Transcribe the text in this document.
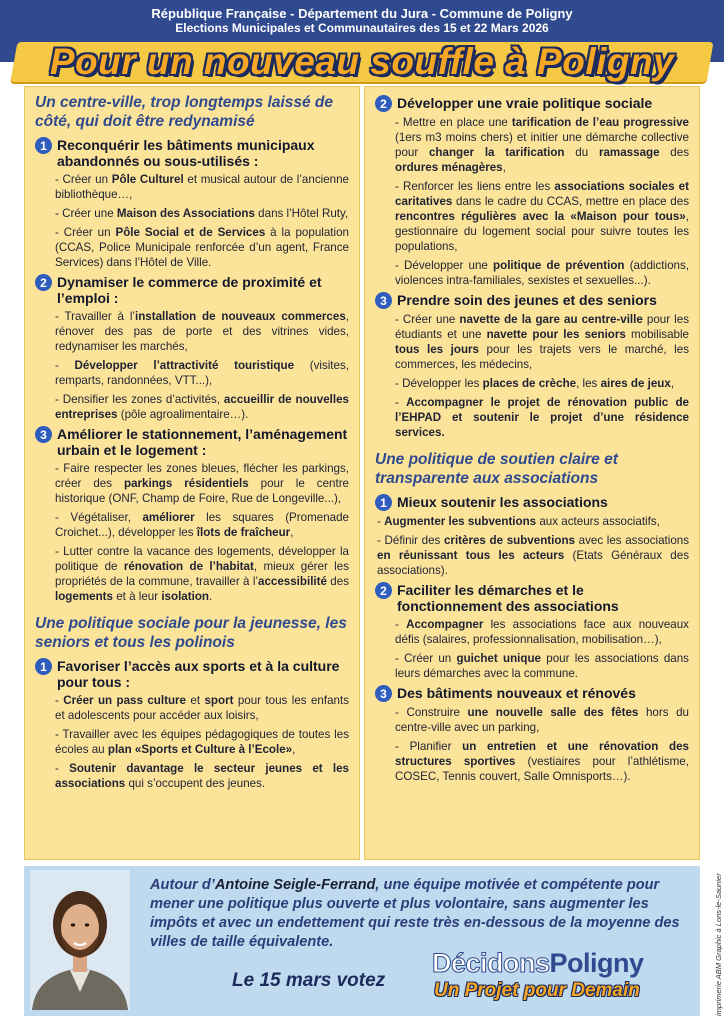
République Française - Département du Jura - Commune de Poligny
Elections Municipales et Communautaires des 15 et 22 Mars 2026
Pour un nouveau souffle à Poligny
Un centre-ville, trop longtemps laissé de côté, qui doit être redynamisé
1 Reconquérir les bâtiments municipaux abandonnés ou sous-utilisés :

- Créer un Pôle Culturel et musical autour de l’ancienne bibliothèque…,

- Créer une Maison des Associations dans l’Hôtel Ruty,

- Créer un Pôle Social et de Services à la population (CCAS, Police Municipale renforcée d’un agent, France Services) dans l’Hôtel de Ville.

2 Dynamiser le commerce de proximité et l’emploi :

- Travailler à l’installation de nouveaux commerces, rénover des pas de porte et des vitrines vides, redynamiser les marchés,

- Développer l’attractivité touristique (visites, remparts, randonnées, VTT...),

- Densifier les zones d’activités, accueillir de nouvelles entreprises (pôle agroalimentaire…).

3 Améliorer le stationnement, l’aménagement urbain et le logement :

- Faire respecter les zones bleues, flécher les parkings, créer des parkings résidentiels pour le centre historique (ONF, Champ de Foire, Rue de Longeville...),

- Végétaliser, améliorer les squares (Promenade Croichet...), développer les îlots de fraîcheur,

- Lutter contre la vacance des logements, développer la politique de rénovation de l’habitat, mieux gérer les propriétés de la commune, travailler à l’accessibilité des logements et à leur isolation.

Une politique sociale pour la jeunesse, les seniors et tous les polinois
1 Favoriser l’accès aux sports et à la culture pour tous :

- Créer un pass culture et sport pour tous les enfants et adolescents pour accéder aux loisirs,

- Travailler avec les équipes pédagogiques de toutes les écoles au plan «Sports et Culture à l’Ecole»,

- Soutenir davantage le secteur jeunes et les associations qui s’occupent des jeunes.

2 Développer une vraie politique sociale

- Mettre en place une tarification de l’eau progressive (1ers m3 moins chers) et initier une démarche collective pour changer la tarification du ramassage des ordures ménagères,

- Renforcer les liens entre les associations sociales et caritatives dans le cadre du CCAS, mettre en place des rencontres régulières avec la «Maison pour tous», gestionnaire du logement social pour suivre toutes les populations,

- Développer une politique de prévention (addictions, violences intra-familiales, sexistes et sexuelles...).

3 Prendre soin des jeunes et des seniors

- Créer une navette de la gare au centre-ville pour les étudiants et une navette pour les seniors mobilisable tous les jours pour les trajets vers le marché, les commerces, les médecins,

- Développer les places de crèche, les aires de jeux,

- Accompagner le projet de rénovation public de l’EHPAD et soutenir le projet d’une résidence services.

Une politique de soutien claire et transparente aux associations
1 Mieux soutenir les associations

- Augmenter les subventions aux acteurs associatifs,

- Définir des critères de subventions avec les associations en réunissant tous les acteurs (Etats Généraux des associations).

2 Faciliter les démarches et le fonctionnement des associations

- Accompagner les associations face aux nouveaux défis (salaires, professionnalisation, mobilisation…),

- Créer un guichet unique pour les associations dans leurs démarches avec la commune.

3 Des bâtiments nouveaux et rénovés

- Construire une nouvelle salle des fêtes hors du centre-ville avec un parking,

- Planifier un entretien et une rénovation des structures sportives (vestiaires pour l’athlétisme, COSEC, Tennis couvert, Salle Omnisports…).

Autour d’Antoine Seigle-Ferrand, une équipe motivée et compétente pour mener une politique plus ouverte et plus volontaire, sans augmenter les impôts et avec un endettement qui reste très en-dessous de la moyenne des villes de taille équivalente.
Le 15 mars votez
DécidonsPoligny
Un Projet pour Demain	imprimerie ABM Graphic à Lons-le-Saunier
